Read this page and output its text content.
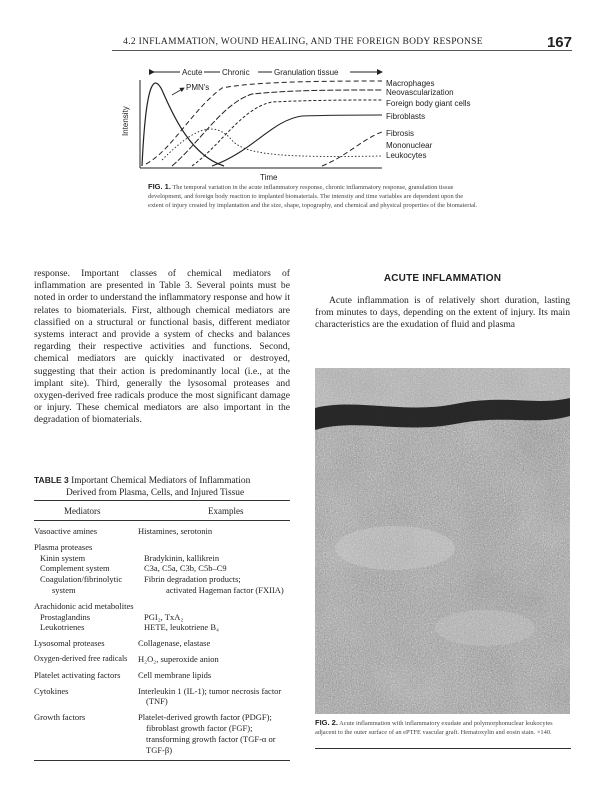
4.2 INFLAMMATION, WOUND HEALING, AND THE FOREIGN BODY RESPONSE	167
Acute Chronic	Granulation tissue
Intensity
Time
PMN's	Macrophages
Neovascularization
Foreign body giant cells
Fibroblasts
Fibrosis
Mononuclear
Leukocytes
FIG. 1. The temporal variation in the acute inflammatory response, chronic inflammatory response, granulation tissue development, and foreign body reaction to implanted biomaterials. The intensity and time variables are dependent upon the extent of injury created by implantation and the size, shape, topography, and chemical and physical properties of the biomaterial.
response. Important classes of chemical mediators of inflammation are presented in Table 3. Several points must be noted in order to understand the inflammatory response and how it relates to biomaterials. First, although chemical mediators are classified on a structural or functional basis, different mediator systems interact and provide a system of checks and balances regarding their respective activities and functions. Second, chemical mediators are quickly inactivated or destroyed, suggesting that their action is predominantly local (i.e., at the implant site). Third, generally the lysosomal proteases and oxygen-derived free radicals produce the most significant damage or injury. These chemical mediators are also important in the degradation of biomaterials.
ACUTE INFLAMMATION
Acute inflammation is of relatively short duration, lasting from minutes to days, depending on the extent of injury. Its main characteristics are the exudation of fluid and plasma
TABLE 3 Important Chemical Mediators of Inflammation
Derived from Plasma, Cells, and Injured Tissue
Mediators	Examples
Vasoactive amines	Histamines, serotonin
Plasma proteases
Kinin system	Bradykinin, kallikrein
Complement system	C3a, C5a, C3b, C5b–C9
Coagulation/fibrinolytic	Fibrin degradation products;
system	activated Hageman factor (FXIIA)
Arachidonic acid metabolites
Prostaglandins	PGI₂, TxA₂
Leukotrienes	HETE, leukotriene B₄
Lysosomal proteases	Collagenase, elastase
Oxygen-derived free radicals	H₂O₂, superoxide anion
Platelet activating factors	Cell membrane lipids
Cytokines	Interleukin 1 (IL-1); tumor necrosis factor (TNF)
Growth factors	Platelet-derived growth factor (PDGF); fibroblast growth factor (FGF); transforming growth factor (TGF-α or TGF-β)
FIG. 2. Acute inflammation with inflammatory exudate and polymorphonuclear leukocytes adjacent to the outer surface of an ePTFE vascular graft. Hematoxylin and eosin stain. ×140.
